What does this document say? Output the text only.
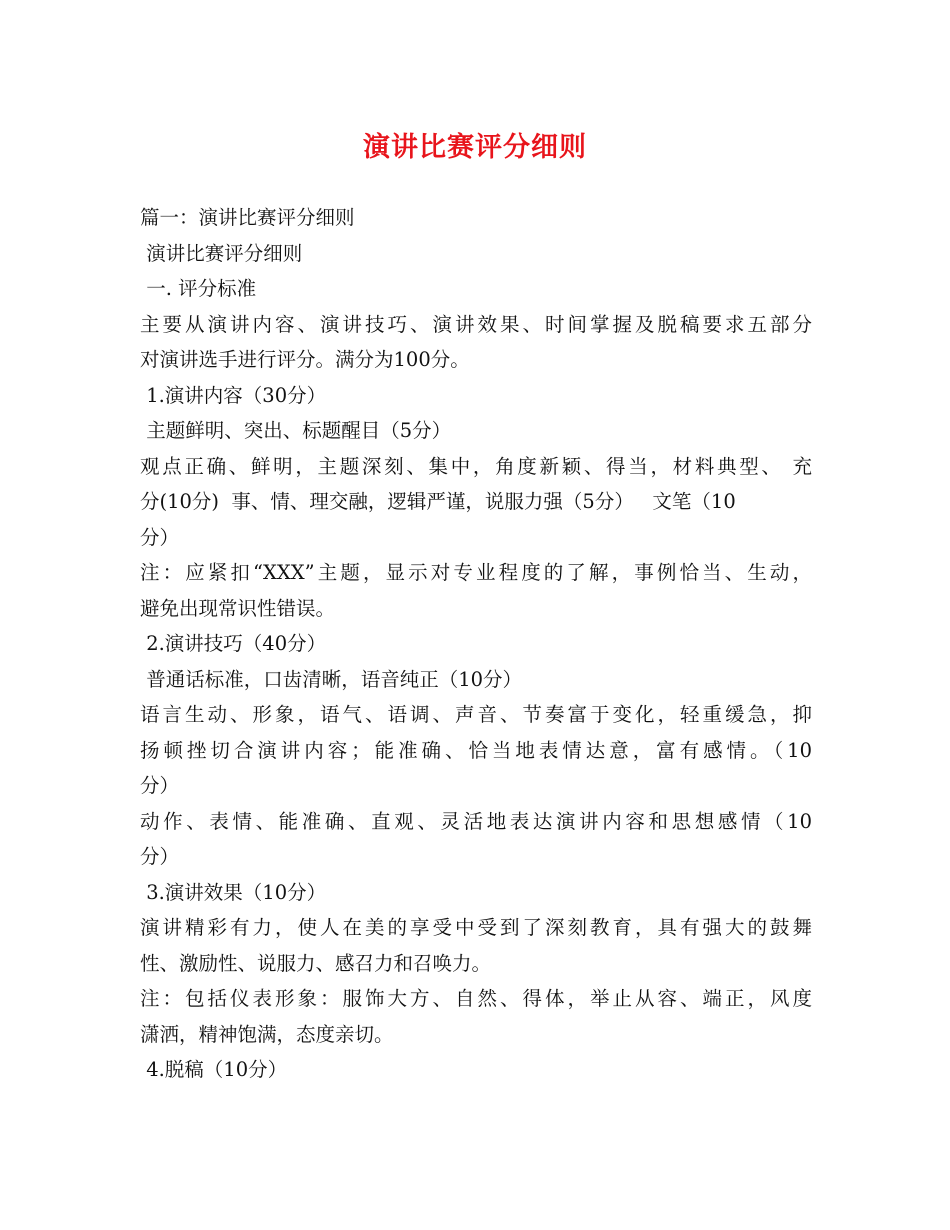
演讲比赛评分细则
篇一：演讲比赛评分细则
演讲比赛评分细则
一. 评分标准
主要从演讲内容、演讲技巧、演讲效果、时间掌握及脱稿要求五部分
对演讲选手进行评分。满分为100分。
1.演讲内容（30分）
主题鲜明、突出、标题醒目（5分）
观点正确、鲜明，主题深刻、集中，角度新颖、得当，材料典型、 充
分(10分)  事、情、理交融，逻辑严谨，说服力强（5分）   文笔（10
分）
注：应紧扣“XXX”主题，显示对专业程度的了解，事例恰当、生动，
避免出现常识性错误。
2.演讲技巧（40分）
普通话标准，口齿清晰，语音纯正（10分）
语言生动、形象，语气、语调、声音、节奏富于变化，轻重缓急，抑
扬顿挫切合演讲内容；能准确、恰当地表情达意，富有感情。（10
分）
动作、表情、能准确、直观、灵活地表达演讲内容和思想感情（10
分）
3.演讲效果（10分）
演讲精彩有力，使人在美的享受中受到了深刻教育，具有强大的鼓舞
性、激励性、说服力、感召力和召唤力。
注：包括仪表形象：服饰大方、自然、得体，举止从容、端正，风度
潇洒，精神饱满，态度亲切。
4.脱稿（10分）
